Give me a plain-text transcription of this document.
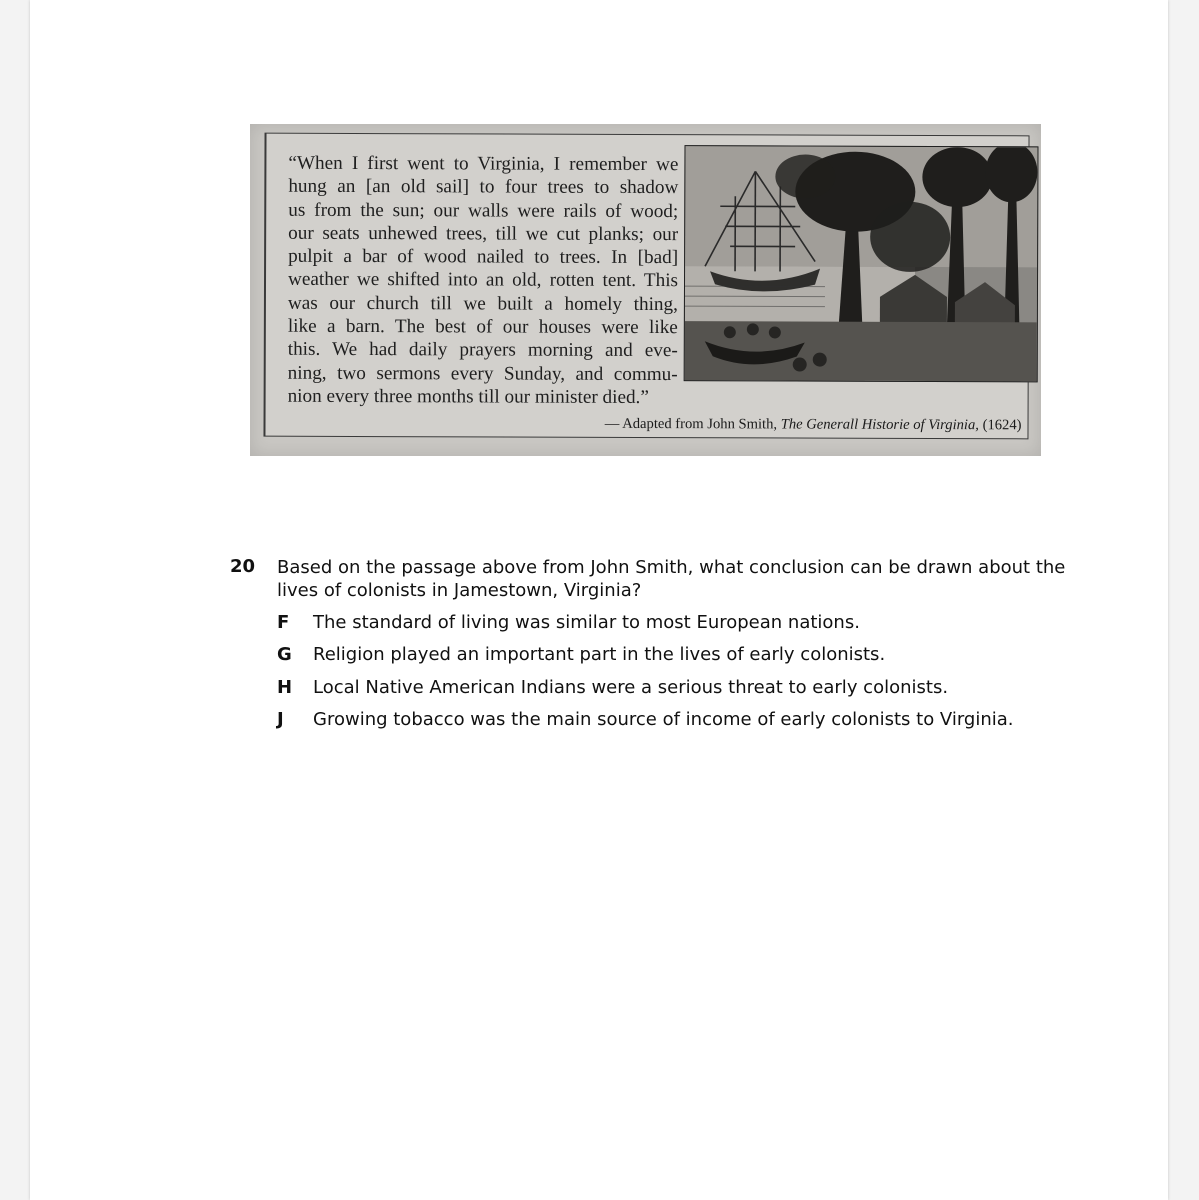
“When I first went to Virginia, I remember we
hung an [an old sail] to four trees to shadow
us from the sun; our walls were rails of wood;
our seats unhewed trees, till we cut planks; our
pulpit a bar of wood nailed to trees. In [bad]
weather we shifted into an old, rotten tent. This
was our church till we built a homely thing,
like a barn. The best of our houses were like
this. We had daily prayers morning and eve-
ning, two sermons every Sunday, and commu-
nion every three months till our minister died.”
— Adapted from John Smith, The Generall Historie of Virginia, (1624)
20 Based on the passage above from John Smith, what conclusion can be drawn about the lives of colonists in Jamestown, Virginia?
F The standard of living was similar to most European nations.
G Religion played an important part in the lives of early colonists.
H Local Native American Indians were a serious threat to early colonists.
J Growing tobacco was the main source of income of early colonists to Virginia.
